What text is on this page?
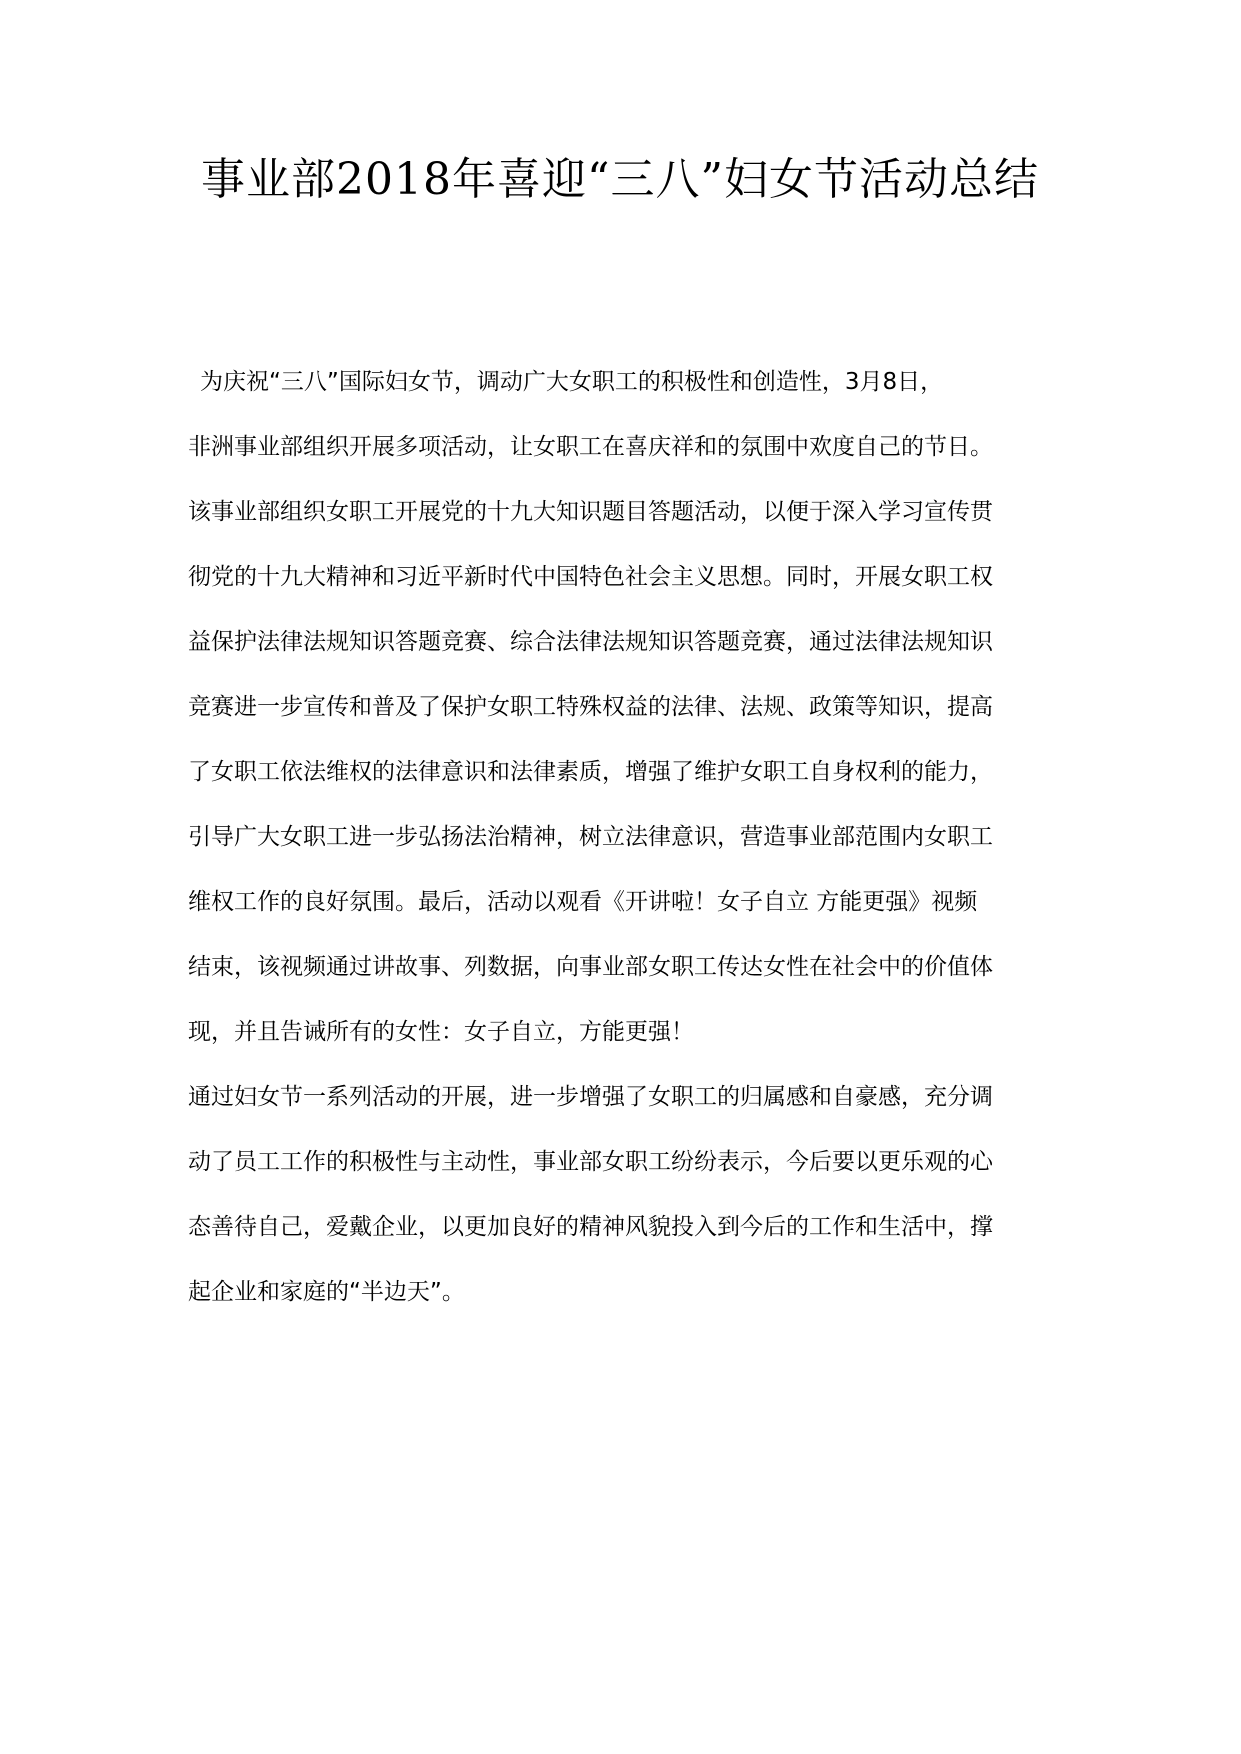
事业部2018年喜迎“三八”妇女节活动总结
为庆祝“三八”国际妇女节，调动广大女职工的积极性和创造性，3月8日，
非洲事业部组织开展多项活动，让女职工在喜庆祥和的氛围中欢度自己的节日。
该事业部组织女职工开展党的十九大知识题目答题活动，以便于深入学习宣传贯
彻党的十九大精神和习近平新时代中国特色社会主义思想。同时，开展女职工权
益保护法律法规知识答题竞赛、综合法律法规知识答题竞赛，通过法律法规知识
竞赛进一步宣传和普及了保护女职工特殊权益的法律、法规、政策等知识，提高
了女职工依法维权的法律意识和法律素质，增强了维护女职工自身权利的能力，
引导广大女职工进一步弘扬法治精神，树立法律意识，营造事业部范围内女职工
维权工作的良好氛围。最后，活动以观看《开讲啦！女子自立 方能更强》视频
结束，该视频通过讲故事、列数据，向事业部女职工传达女性在社会中的价值体
现，并且告诫所有的女性：女子自立，方能更强！
通过妇女节一系列活动的开展，进一步增强了女职工的归属感和自豪感，充分调
动了员工工作的积极性与主动性，事业部女职工纷纷表示，今后要以更乐观的心
态善待自己，爱戴企业，以更加良好的精神风貌投入到今后的工作和生活中，撑
起企业和家庭的“半边天”。
